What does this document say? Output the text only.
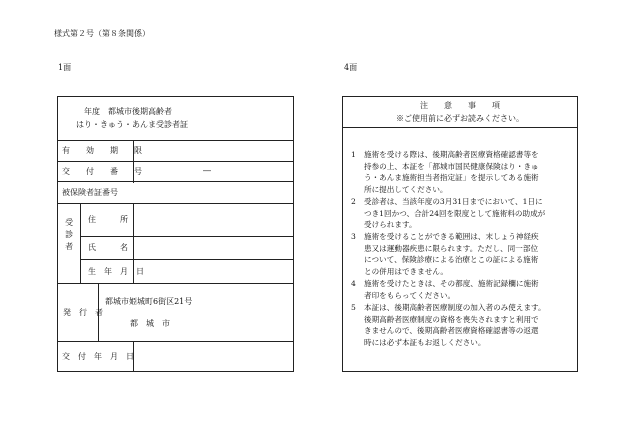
様式第２号（第８条関係）
1面	4面
年度　都城市後期高齢者
はり・きゅう・あんま受診者証
有　　効　　期　　限
交　　付　　番　　号	―
被保険者証番号
受診者 住　　　所
氏　　　名
生　年　月　日
発　行　者
都城市姫城町6街区21号
都　城　市
交　付　年　月　日
注　　意　　事　　項
※ご使用前に必ずお読みください。
1	施術を受ける際は、後期高齢者医療資格確認書等を
持参の上、本証を「都城市国民健康保険はり・きゅ
う・あんま施術担当者指定証」を提示してある施術
所に提出してください。
2	受診者は、当該年度の3月31日までにおいて、1日に
つき1回かつ、合計24回を限度として施術料の助成が
受けられます。
3	施術を受けることができる範囲は、末しょう神経疾
患又は運動器疾患に限られます。ただし、同一部位
について、保険診療による治療とこの証による施術
との併用はできません。
4	施術を受けたときは、その都度、施術記録欄に施術
者印をもらってください。
5	本証は、後期高齢者医療制度の加入者のみ使えます。
後期高齢者医療制度の資格を喪失されますと利用で
きませんので、後期高齢者医療資格確認書等の返還
時には必ず本証もお返しください。
